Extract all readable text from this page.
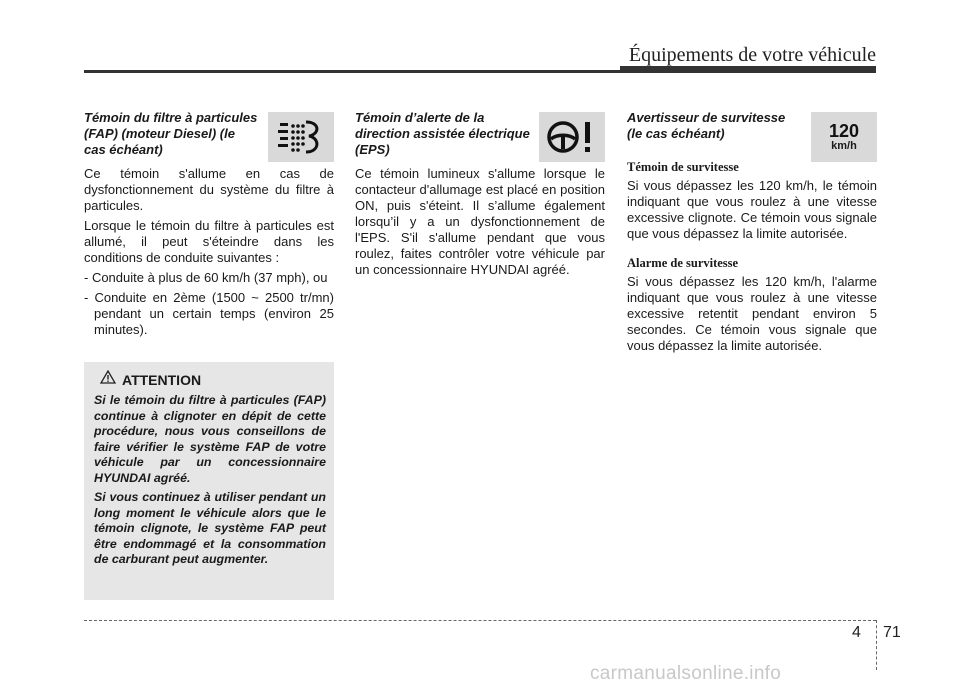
Équipements de votre véhicule

Témoin du filtre à particules (FAP) (moteur Diesel) (le cas échéant)

Ce témoin s'allume en cas de dysfonctionnement du système du filtre à particules.

Lorsque le témoin du filtre à particules est allumé, il peut s'éteindre dans les conditions de conduite suivantes :

- Conduite à plus de 60 km/h (37 mph), ou

- Conduite en 2ème (1500 ~ 2500 tr/mn) pendant un certain temps (environ 25 minutes).

ATTENTION

Si le témoin du filtre à particules (FAP) continue à clignoter en dépit de cette procédure, nous vous conseillons de faire vérifier le système FAP de votre véhicule par un concessionnaire HYUNDAI agréé.

Si vous continuez à utiliser pendant un long moment le véhicule alors que le témoin clignote, le système FAP peut être endommagé et la consommation de carburant peut augmenter.

Témoin d’alerte de la direction assistée électrique (EPS)

Ce témoin lumineux s'allume lorsque le contacteur d'allumage est placé en position ON, puis s'éteint. Il s’allume également lorsqu’il y a un dysfonctionnement de l'EPS. S'il s'allume pendant que vous roulez, faites contrôler votre véhicule par un concessionnaire HYUNDAI agréé.

Avertisseur de survitesse (le cas échéant)	120
km/h

Témoin de survitesse

Si vous dépassez les 120 km/h, le témoin indiquant que vous roulez à une vitesse excessive clignote. Ce témoin vous signale que vous dépassez la limite autorisée.

Alarme de survitesse

Si vous dépassez les 120 km/h, l'alarme indiquant que vous roulez à une vitesse excessive retentit pendant environ 5 secondes. Ce témoin vous signale que vous dépassez la limite autorisée.

4 71
carmanualsonline.info
